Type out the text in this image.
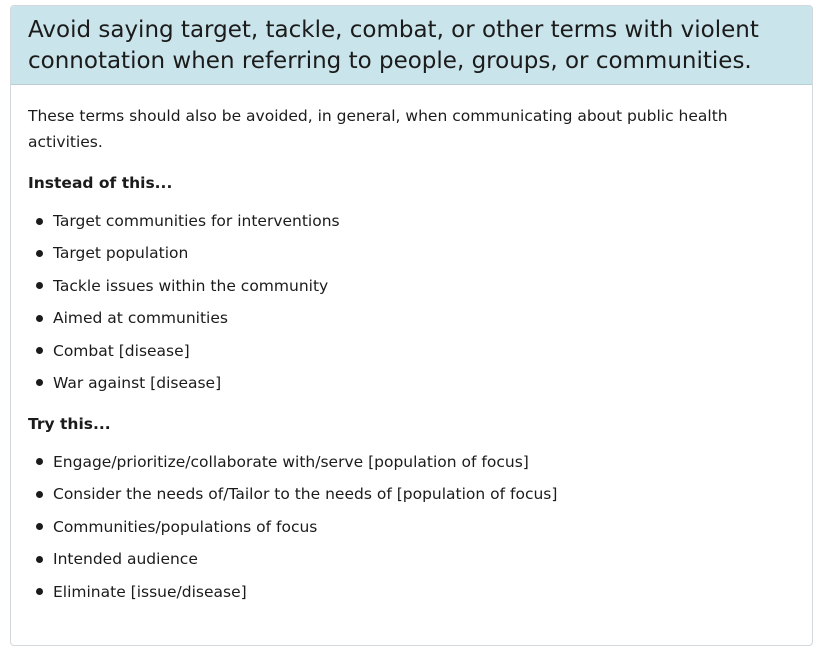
Avoid saying target, tackle, combat, or other terms with violent connotation when referring to people, groups, or communities.

These terms should also be avoided, in general, when communicating about public health activities.

Instead of this...

Target communities for interventions
Target population
Tackle issues within the community
Aimed at communities
Combat [disease]
War against [disease]

Try this...

Engage/prioritize/collaborate with/serve [population of focus]
Consider the needs of/Tailor to the needs of [population of focus]
Communities/populations of focus
Intended audience
Eliminate [issue/disease]
